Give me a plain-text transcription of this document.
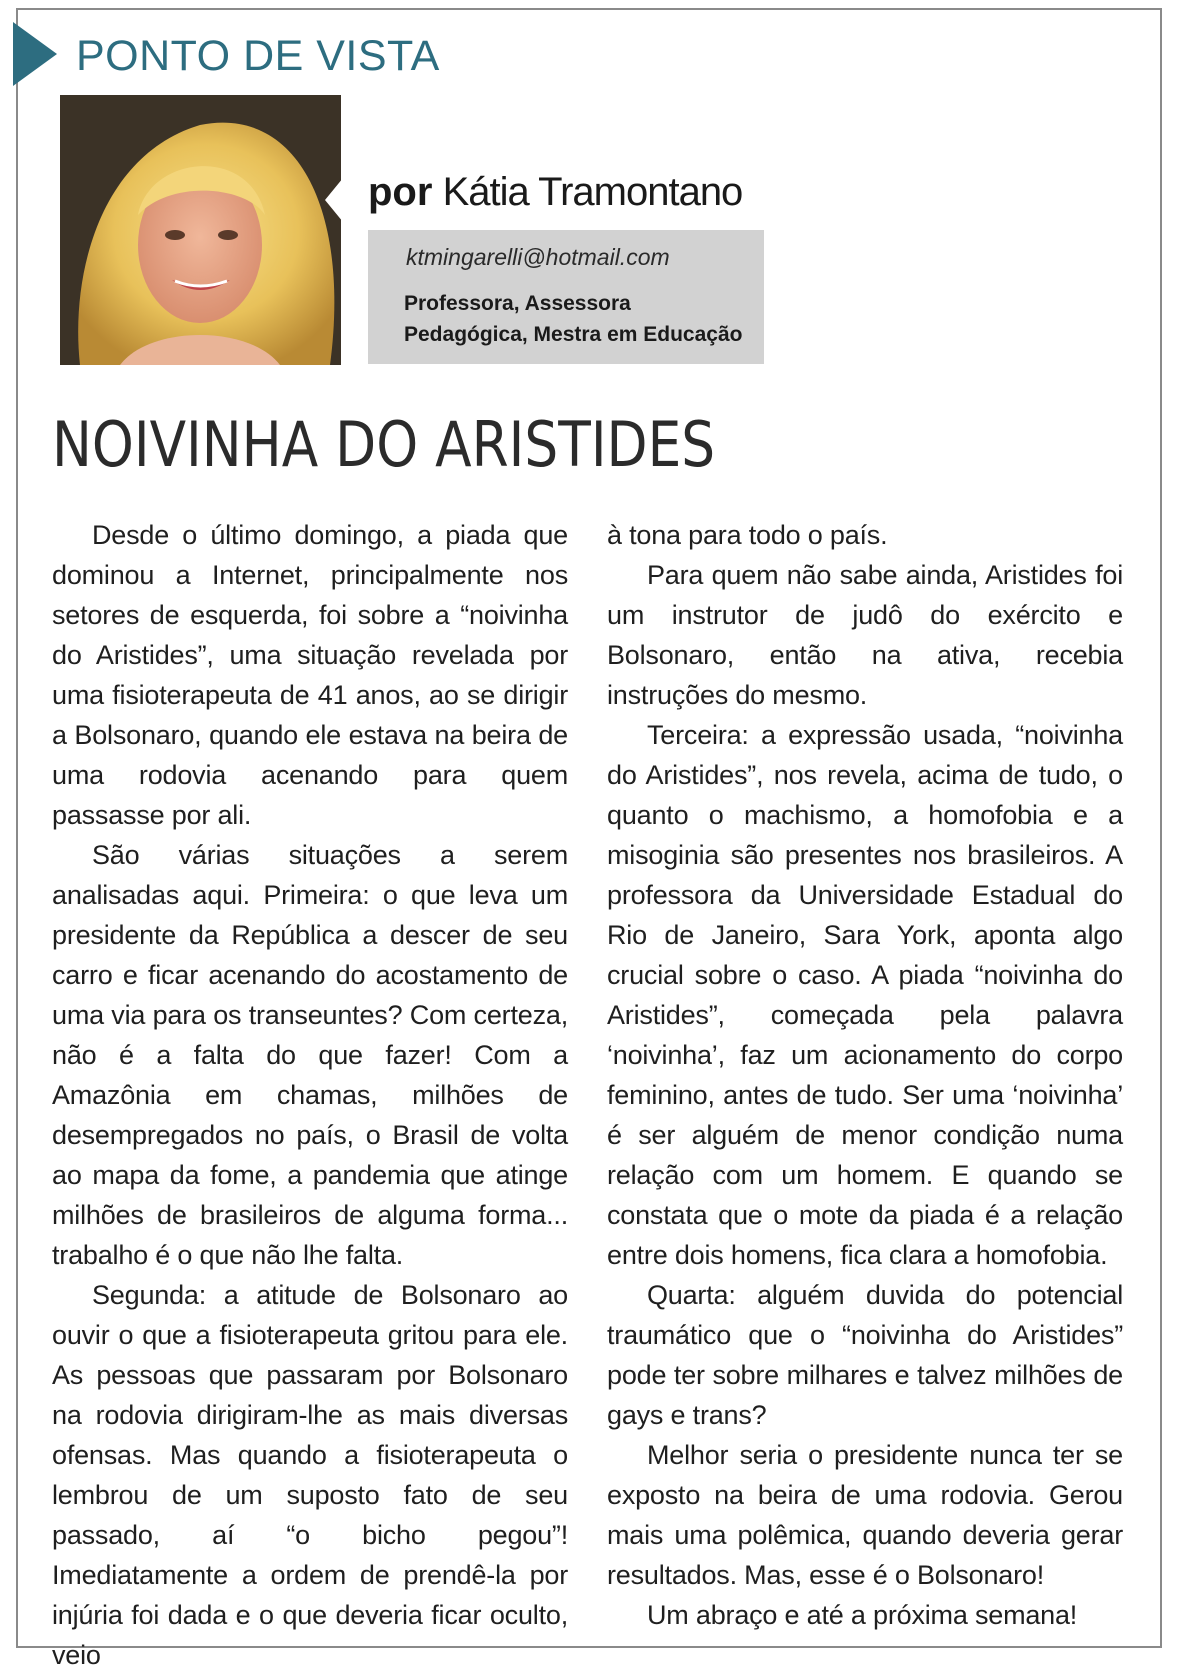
PONTO DE VISTA
por Kátia Tramontano
ktmingarelli@hotmail.com
Professora, Assessora Pedagógica, Mestra em Educação
NOIVINHA DO ARISTIDES

Desde o último domingo, a piada que dominou a Internet, principalmente nos setores de esquerda, foi sobre a “noivinha do Aristides”, uma situação revelada por uma fisioterapeuta de 41 anos, ao se dirigir a Bolsonaro, quando ele estava na beira de uma rodovia acenando para quem passasse por ali.

São várias situações a serem analisadas aqui. Primeira: o que leva um presidente da República a descer de seu carro e ficar acenando do acostamento de uma via para os transeuntes? Com certeza, não é a falta do que fazer! Com a Amazônia em chamas, milhões de desempregados no país, o Brasil de volta ao mapa da fome, a pandemia que atinge milhões de brasileiros de alguma forma... trabalho é o que não lhe falta.

Segunda: a atitude de Bolsonaro ao ouvir o que a fisioterapeuta gritou para ele. As pessoas que passaram por Bolsonaro na rodovia dirigiram-lhe as mais diversas ofensas. Mas quando a fisioterapeuta o lembrou de um suposto fato de seu passado, aí “o bicho pegou”! Imediatamente a ordem de prendê-la por injúria foi dada e o que deveria ficar oculto, veio

à tona para todo o país.

Para quem não sabe ainda, Aristides foi um instrutor de judô do exército e Bolsonaro, então na ativa, recebia instruções do mesmo.

Terceira: a expressão usada, “noivinha do Aristides”, nos revela, acima de tudo, o quanto o machismo, a homofobia e a misoginia são presentes nos brasileiros. A professora da Universidade Estadual do Rio de Janeiro, Sara York, aponta algo crucial sobre o caso. A piada “noivinha do Aristides”, começada pela palavra ‘noivinha’, faz um acionamento do corpo feminino, antes de tudo. Ser uma ‘noivinha’ é ser alguém de menor condição numa relação com um homem. E quando se constata que o mote da piada é a relação entre dois homens, fica clara a homofobia.

Quarta: alguém duvida do potencial traumático que o “noivinha do Aristides” pode ter sobre milhares e talvez milhões de gays e trans?

Melhor seria o presidente nunca ter se exposto na beira de uma rodovia. Gerou mais uma polêmica, quando deveria gerar resultados. Mas, esse é o Bolsonaro!

Um abraço e até a próxima semana!
